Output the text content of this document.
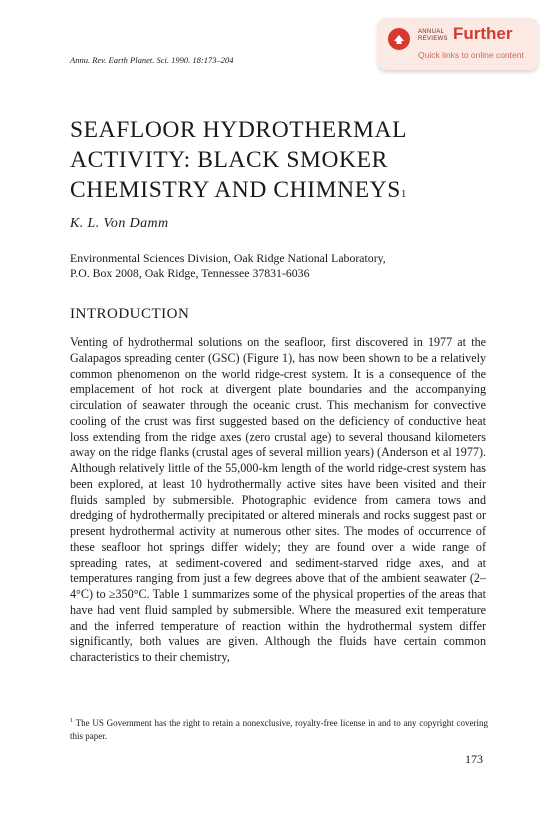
ANNUAL
REVIEWS Further
Quick links to online content
Annu. Rev. Earth Planet. Sci. 1990. 18:173–204
SEAFLOOR HYDROTHERMAL
ACTIVITY: BLACK SMOKER
CHEMISTRY AND CHIMNEYS$^1$
K. L. Von Damm
Environmental Sciences Division, Oak Ridge National Laboratory,
P.O. Box 2008, Oak Ridge, Tennessee 37831-6036
INTRODUCTION

Venting of hydrothermal solutions on the seafloor, first discovered in 1977 at the Galapagos spreading center (GSC) (Figure 1), has now been shown to be a relatively common phenomenon on the world ridge-crest system. It is a consequence of the emplacement of hot rock at divergent plate boundaries and the accompanying circulation of seawater through the oceanic crust. This mechanism for convective cooling of the crust was first suggested based on the deficiency of conductive heat loss extending from the ridge axes (zero crustal age) to several thousand kilometers away on the ridge flanks (crustal ages of several million years) (Anderson et al 1977). Although relatively little of the 55,000-km length of the world ridge-crest system has been explored, at least 10 hydrothermally active sites have been visited and their fluids sampled by submersible. Photographic evidence from camera tows and dredging of hydrothermally precipitated or altered minerals and rocks suggest past or present hydrothermal activity at numerous other sites. The modes of occurrence of these seafloor hot springs differ widely; they are found over a wide range of spreading rates, at sediment-covered and sediment-starved ridge axes, and at temperatures ranging from just a few degrees above that of the ambient seawater (2–4°C) to ≥350°C. Table 1 summarizes some of the physical properties of the areas that have had vent fluid sampled by submersible. Where the measured exit temperature and the inferred temperature of reaction within the hydrothermal system differ significantly, both values are given. Although the fluids have certain common characteristics to their chemistry,

$^1$ The US Government has the right to retain a nonexclusive, royalty-free license in and to any copyright covering this paper.

173
